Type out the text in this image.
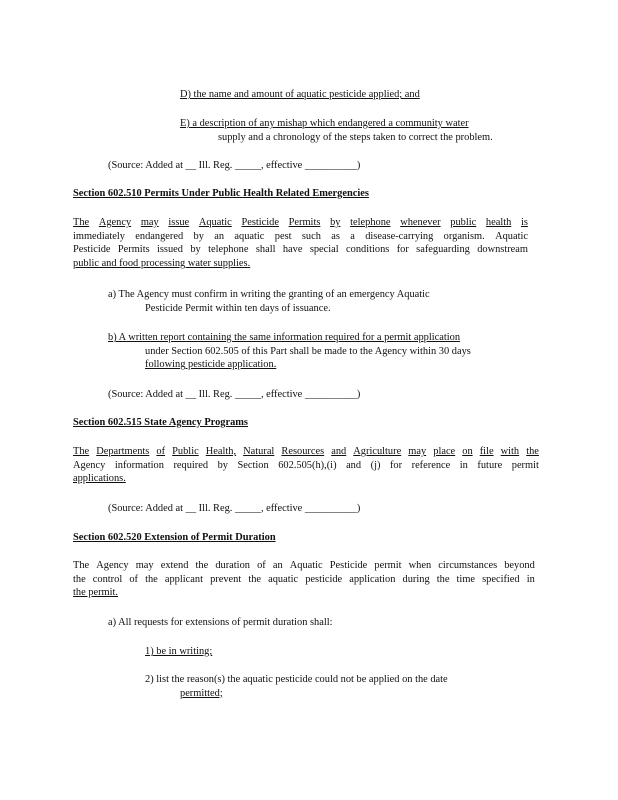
D) the name and amount of aquatic pesticide applied; and
E) a description of any mishap which endangered a community water
supply and a chronology of the steps taken to correct the problem.
(Source: Added at __ Ill. Reg. _____, effective __________)
Section 602.510 Permits Under Public Health Related Emergencies
The Agency may issue Aquatic Pesticide Permits by telephone whenever public health is
immediately endangered by an aquatic pest such as a disease-carrying organism. Aquatic
Pesticide Permits issued by telephone shall have special conditions for safeguarding downstream
public and food processing water supplies.
a) The Agency must confirm in writing the granting of an emergency Aquatic
Pesticide Permit within ten days of issuance.
b) A written report containing the same information required for a permit application
under Section 602.505 of this Part shall be made to the Agency within 30 days
following pesticide application.
(Source: Added at __ Ill. Reg. _____, effective __________)
Section 602.515 State Agency Programs
The Departments of Public Health, Natural Resources and Agriculture may place on file with the
Agency information required by Section 602.505(h),(i) and (j) for reference in future permit
applications.
(Source: Added at __ Ill. Reg. _____, effective __________)
Section 602.520 Extension of Permit Duration
The Agency may extend the duration of an Aquatic Pesticide permit when circumstances beyond
the control of the applicant prevent the aquatic pesticide application during the time specified in
the permit.
a) All requests for extensions of permit duration shall:
1) be in writing;
2) list the reason(s) the aquatic pesticide could not be applied on the date
permitted;
